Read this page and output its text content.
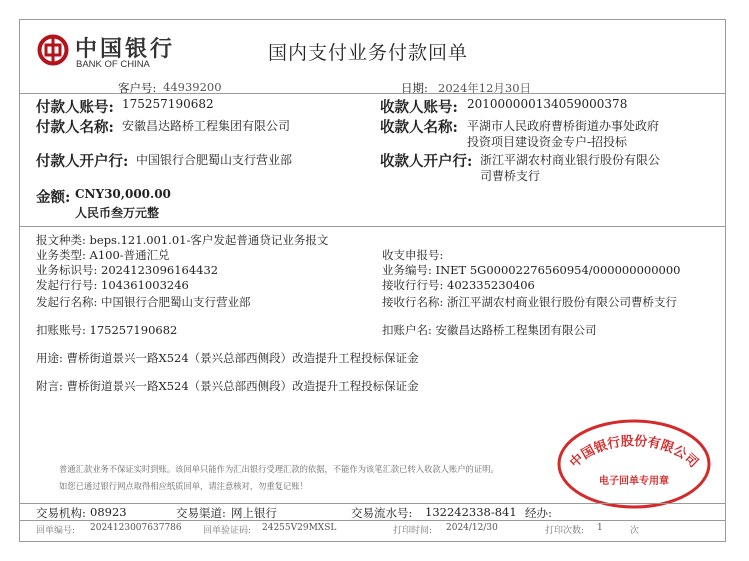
中国银行
BANK OF CHINA
国内支付业务付款回单
客户号: 44939200	日期: 2024年12月30日
付款人账号: 175257190682
付款人名称: 安徽昌达路桥工程集团有限公司
付款人开户行: 中国银行合肥蜀山支行营业部
收款人账号: 20100000013405900037​8
收款人名称: 平湖市人民政府曹桥街道办事处政府
投资项目建设资金专户-招投标
收款人开户行: 浙江平湖农村商业银行股份有限公
司曹桥支行
金额: CNY30,000.00
人民币叁万元整
报文种类: beps.121.001.01-客户发起普通贷记业务报文
业务类型: A100-普通汇兑
业务标识号: 2024123096164432
发起行行号: 104361003246
发起行名称: 中国银行合肥蜀山支行营业部
收支申报号:
业务编号: INET 5G00002276560954/000000000000
接收行行号: 402335230406
接收行名称: 浙江平湖农村商业银行股份有限公司曹桥支行
扣账账号: 175257190682	扣账户名: 安徽昌达路桥工程集团有限公司
用途: 曹桥街道景兴一路X524（景兴总部西侧段）改造提升工程投标保证金
附言: 曹桥街道景兴一路X524（景兴总部西侧段）改造提升工程投标保证金
普通汇款业务不保证实时到账。该回单只能作为汇出银行受理汇款的依据，不能作为该笔汇款已转入收款人账户的证明。
如您已通过银行网点取得相应纸质回单，请注意核对，勿重复记账！
中国银行股份有限公司
电子回单专用章
交易机构: 08923	交易渠道: 网上银行	交易流水号: 132242338-841 经办:
回单编号: 2024123007637786 回单验证码: 24255V29MXSL	打印时间: 2024/12/30	打印次数: 1	次
